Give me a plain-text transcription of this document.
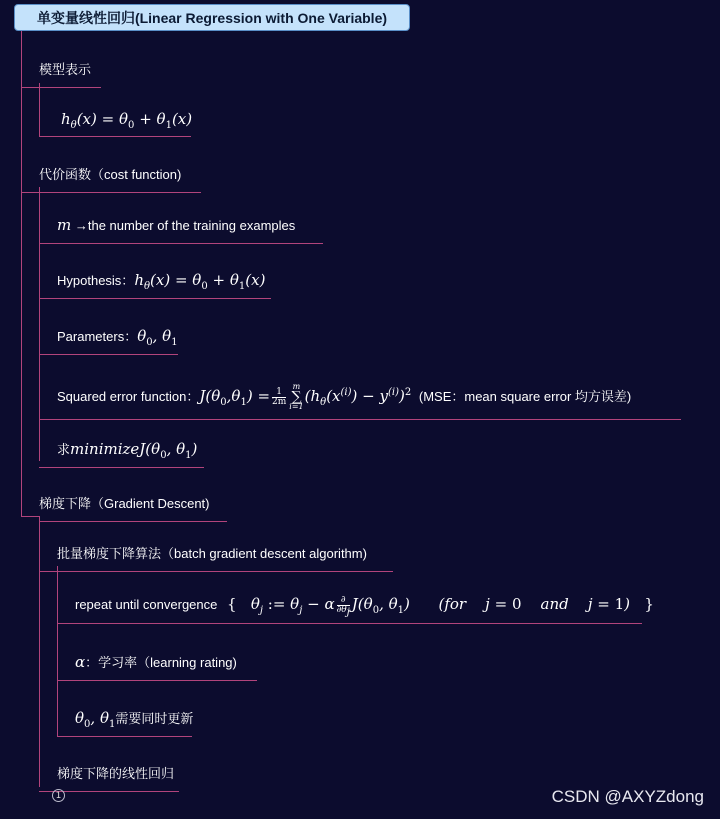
单变量线性回归(Linear Regression with One Variable)
模型表示
$h_\theta(x) = \theta_0 + \theta_1(x)$
代价函数（cost function)
m →the number of the training examples
Hypothesis：$h_\theta(x) = \theta_0 + \theta_1(x)$
Parameters：$\theta_0$, $\theta_1$
Squared error function：$J(\theta_0,\theta_1) = \frac{1}{2m}$
m
∑
$i=1(h_\theta(x^{(i)}) - y^{(i)})^2$ (MSE：mean square error 均方误差)
求$minimizeJ(\theta_0$, $\theta_1$)
梯度下降（Gradient Descent)
批量梯度下降算法（batch gradient descent algorithm)
repeat until convergence {   $\theta_j$ := $\theta_j - \alpha \frac{\partial}{\partial\theta_j} J(\theta_0$, $\theta_1$)      (for    j = 0    and    j = 1)   }
α：学习率（learning rating)
$\theta_0$, $\theta_1$需要同时更新
梯度下降的线性回归
1	CSDN @AXYZdong
